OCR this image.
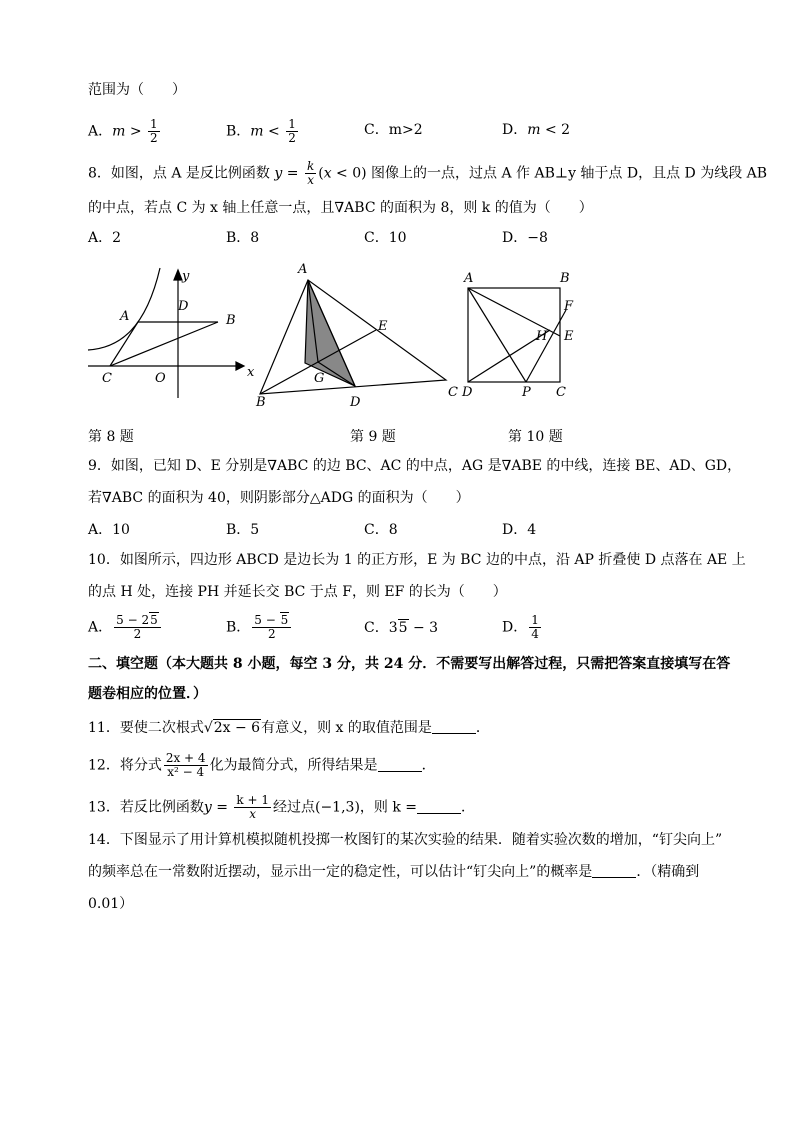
范围为（　　）
A．$m > \frac{1}{2}$	B．$m < \frac{1}{2}$	C．m>2	D．m < 2
8．如图，点 A 是反比例函数 $y = \frac{k}{x} (x < 0)$ 图像上的一点，过点 A 作 AB⊥y 轴于点 D，且点 D 为线段 AB
的中点，若点 C 为 x 轴上任意一点，且∇ABC 的面积为 8，则 k 的值为（　　）
A．2	B．8	C．10	D．−8
y
A
D
B
C	O	x
A
E
G
B	D
C
A	B
F
H E
D	P C
第 8 题	第 9 题	第 10 题
9．如图，已知 D、E 分别是∇ABC 的边 BC、AC 的中点，AG 是∇ABE 的中线，连接 BE、AD、GD，
若∇ABC 的面积为 40，则阴影部分△ADG 的面积为（　　）
A．10	B．5	C．8	D．4
10．如图所示，四边形 ABCD 是边长为 1 的正方形，E 为 BC 边的中点，沿 AP 折叠使 D 点落在 AE 上
的点 H 处，连接 PH 并延长交 BC 于点 F，则 EF 的长为（　　）
A． $\frac{5 - 25}{2}$	B． $\frac{5 - 5}{2}$	C．35 − 3	D． $\frac{1}{4}$
二、填空题（本大题共 8 小题，每空 3 分，共 24 分．不需要写出解答过程，只需把答案直接填写在答
题卷相应的位置．）
11．要使二次根式√2x − 6有意义，则 x 的取值范围是	．
12．将分式 $\frac{2x + 4}{\text{x² − 4}}$ 化为最简分式，所得结果是	．
13．若反比例函数$y = \frac{k + 1}{x}$ 经过点(−1,3)，则 k =	．
14．下图显示了用计算机模拟随机投掷一枚图钉的某次实验的结果．随着实验次数的增加，“钉尖向上”
的频率总在一常数附近摆动，显示出一定的稳定性，可以估计“钉尖向上”的概率是	．（精确到
0.01）
